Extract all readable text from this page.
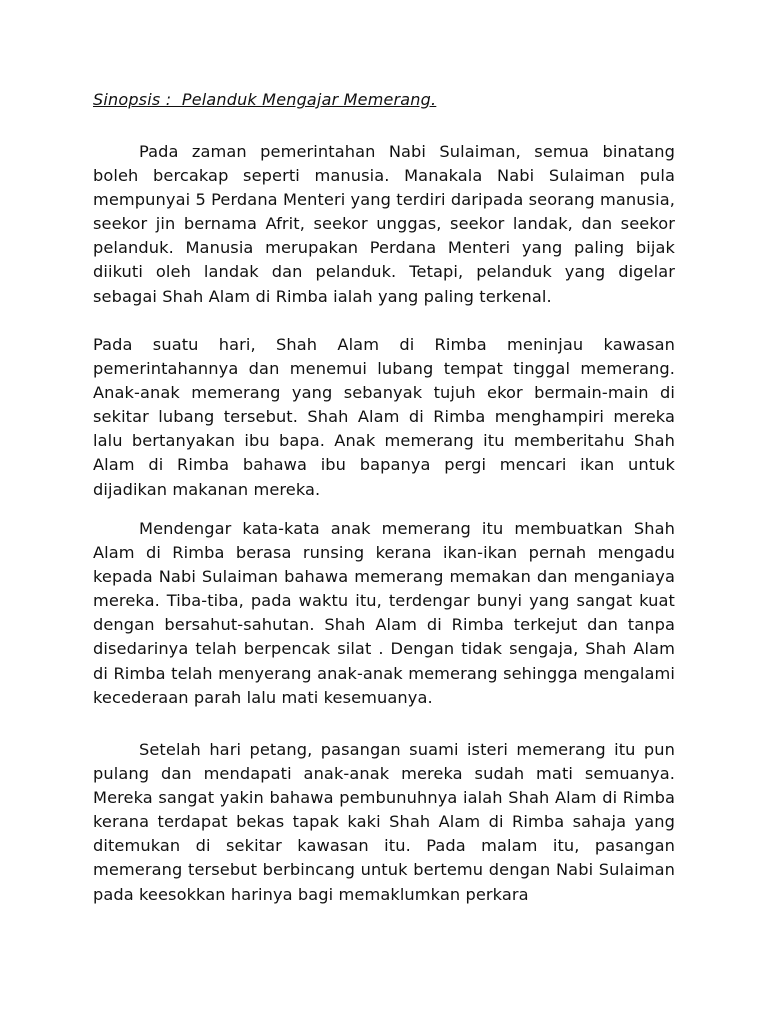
Sinopsis :  Pelanduk Mengajar Memerang.

Pada zaman pemerintahan Nabi Sulaiman, semua binatang boleh bercakap seperti manusia. Manakala Nabi Sulaiman pula mempunyai 5 Perdana Menteri yang terdiri daripada seorang manusia, seekor jin bernama Afrit, seekor unggas, seekor landak, dan seekor pelanduk. Manusia merupakan Perdana Menteri yang paling bijak diikuti oleh landak dan pelanduk. Tetapi, pelanduk yang digelar sebagai Shah Alam di Rimba ialah yang paling terkenal.

Pada suatu hari, Shah Alam di Rimba meninjau kawasan pemerintahannya dan menemui lubang tempat tinggal memerang. Anak-anak memerang yang sebanyak tujuh ekor bermain-main di sekitar lubang tersebut. Shah Alam di Rimba menghampiri mereka lalu bertanyakan ibu bapa. Anak memerang itu memberitahu Shah Alam di Rimba bahawa ibu bapanya pergi mencari ikan untuk dijadikan makanan mereka.

Mendengar kata-kata anak memerang itu membuatkan Shah Alam di Rimba berasa runsing kerana ikan-ikan pernah mengadu kepada Nabi Sulaiman bahawa memerang memakan dan menganiaya mereka. Tiba-tiba, pada waktu itu, terdengar bunyi yang sangat kuat dengan bersahut-sahutan. Shah Alam di Rimba terkejut dan tanpa disedarinya telah berpencak silat . Dengan tidak sengaja, Shah Alam di Rimba telah menyerang anak-anak memerang sehingga mengalami kecederaan parah lalu mati kesemuanya.

Setelah hari petang, pasangan suami isteri memerang itu pun pulang dan mendapati anak-anak mereka sudah mati semuanya. Mereka sangat yakin bahawa pembunuhnya ialah Shah Alam di Rimba kerana terdapat bekas tapak kaki Shah Alam di Rimba sahaja yang ditemukan di sekitar kawasan itu. Pada malam itu, pasangan memerang tersebut berbincang untuk bertemu dengan Nabi Sulaiman pada keesokkan harinya bagi memaklumkan perkara
